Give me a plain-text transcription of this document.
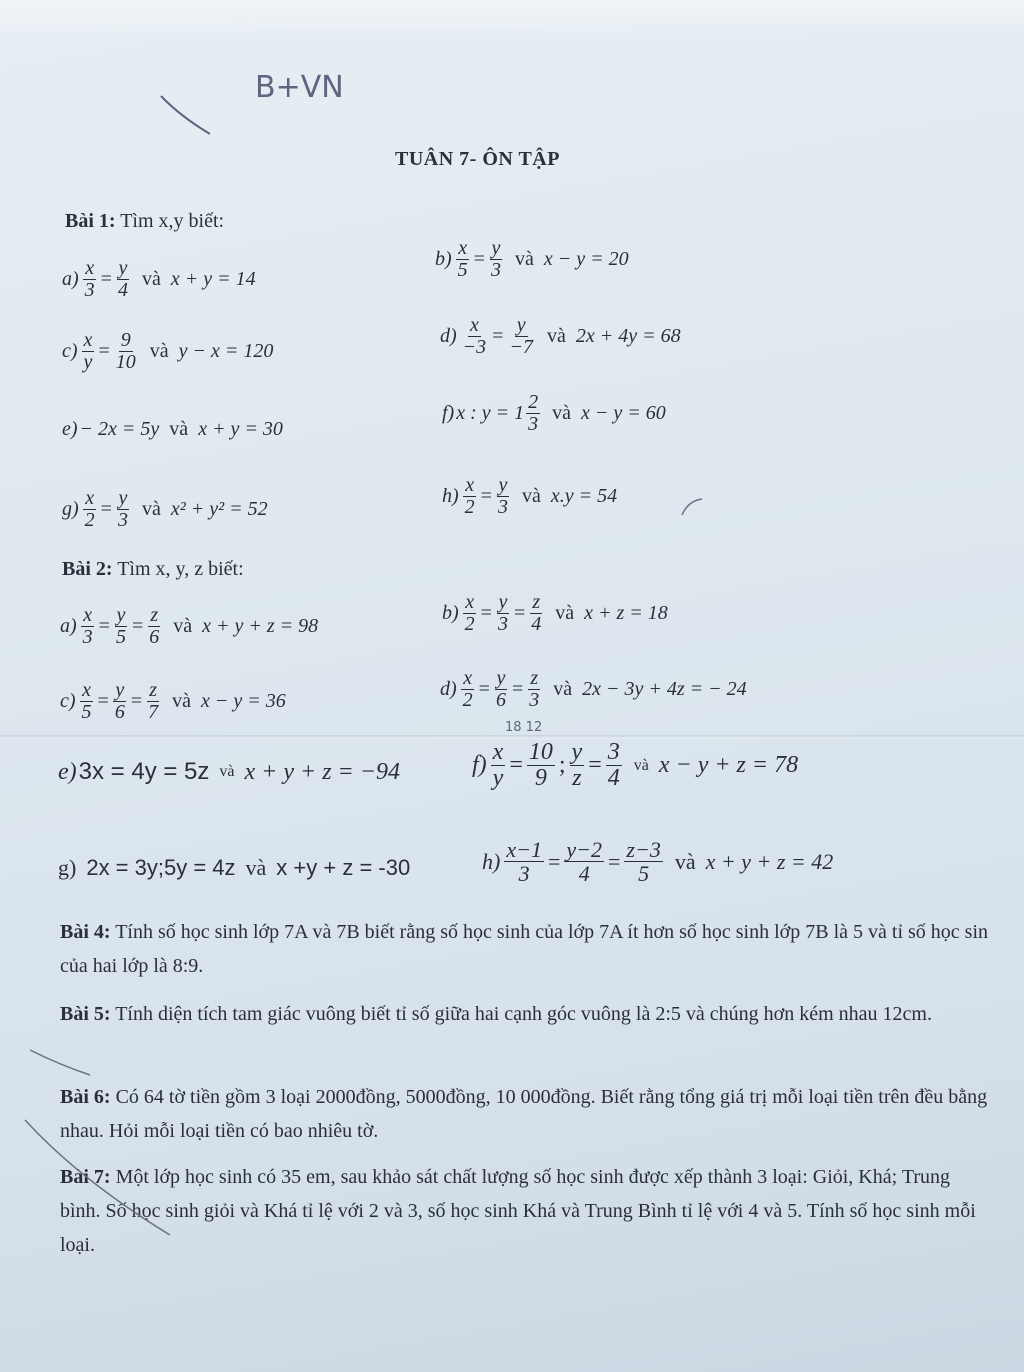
B+VN
TUÂN 7- ÔN TẬP
Bài 1: Tìm x,y biết:
$a) \frac{x}{3} = \frac{y}{4}$ và x + y = 14
$b) \frac{x}{5} = \frac{y}{3}$ và x − y = 20
$c) \frac{x}{y} = \frac{9}{10}$ và y − x = 120
$d) \frac{x}{-3} = \frac{y}{-7}$ và 2x + 4y = 68
e) − 2x = 5y và x + y = 30
f) x : $y = 1 \frac{2}{3}$ và x − y = 60
$g) \frac{x}{2} = \frac{y}{3}$ và x² + y² = 52
$h) \frac{x}{2} = \frac{y}{3}$ và x.y = 54
Bài 2: Tìm x, y, z biết:
$a) \frac{x}{3} = \frac{y}{5} = \frac{z}{6}$ và x + y + z = 98
$b) \frac{x}{2} = \frac{y}{3} = \frac{z}{4}$ và x + z = 18
$c) \frac{x}{5} = \frac{y}{6} = \frac{z}{7}$ và x − y = 36
$d) \frac{x}{2} = \frac{y}{6} = \frac{z}{3}$ và 2x − 3y + 4z = − 24
18 12
e) 3x = 4y = 5z và x + y + z = −94	$f) \frac{x}{y} = \frac{10}{9}$ ; $\frac{y}{z} = \frac{3}{4}$ và x − y + z = 78
g) 2x = 3y;5y = 4z và x +y + z = -30	$h) \frac{x-1}{3} = \frac{y-2}{4} = \frac{z-3}{5}$ và x + y + z = 42
Bài 4: Tính số học sinh lớp 7A và 7B biết rằng số học sinh của lớp 7A ít hơn số học sinh lớp 7B là 5 và tỉ số học sin của hai lớp là 8:9.
Bài 5: Tính diện tích tam giác vuông biết tỉ số giữa hai cạnh góc vuông là 2:5 và chúng hơn kém nhau 12cm.
Bài 6: Có 64 tờ tiền gồm 3 loại 2000đồng, 5000đồng, 10 000đồng. Biết rằng tổng giá trị mỗi loại tiền trên đều bằng nhau. Hỏi mỗi loại tiền có bao nhiêu tờ.
Bài 7: Một lớp học sinh có 35 em, sau khảo sát chất lượng số học sinh được xếp thành 3 loại: Giỏi, Khá; Trung bình. Số học sinh giỏi và Khá tỉ lệ với 2 và 3, số học sinh Khá và Trung Bình tỉ lệ với 4 và 5. Tính số học sinh mỗi loại.
